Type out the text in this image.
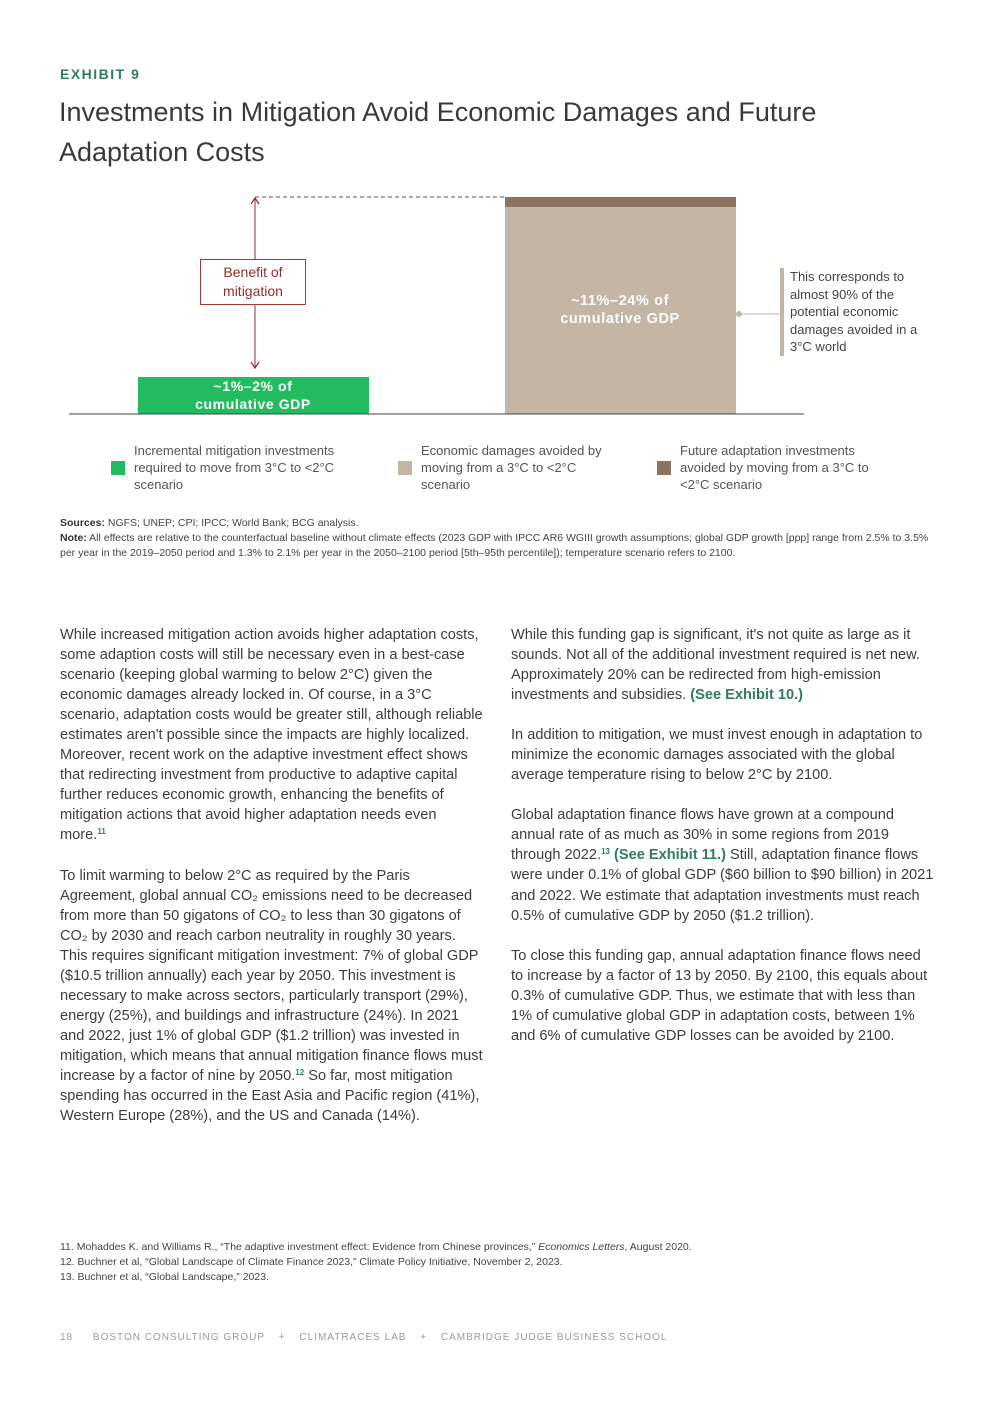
EXHIBIT 9
Investments in Mitigation Avoid Economic Damages and Future Adaptation Costs
~1%–2% of cumulative GDP
~11%–24% of cumulative GDP
Benefit of mitigation
This corresponds to almost 90% of the potential economic damages avoided in a 3°C world
Incremental mitigation investments required to move from 3°C to <2°C scenario
Economic damages avoided by moving from a 3°C to <2°C scenario
Future adaptation investments avoided by moving from a 3°C to <2°C scenario
Sources: NGFS; UNEP; CPI; IPCC; World Bank; BCG analysis.
Note: All effects are relative to the counterfactual baseline without climate effects (2023 GDP with IPCC AR6 WGIII growth assumptions; global GDP growth [ppp] range from 2.5% to 3.5% per year in the 2019–2050 period and 1.3% to 2.1% per year in the 2050–2100 period [5th–95th percentile]); temperature scenario refers to 2100.

While increased mitigation action avoids higher adaptation costs, some adaption costs will still be necessary even in a best-case scenario (keeping global warming to below 2°C) given the economic damages already locked in. Of course, in a 3°C scenario, adaptation costs would be greater still, although reliable estimates aren't possible since the impacts are highly localized. Moreover, recent work on the adaptive investment effect shows that redirecting investment from productive to adaptive capital further reduces economic growth, enhancing the benefits of mitigation actions that avoid higher adaptation needs even more.$^{11}$

To limit warming to below 2°C as required by the Paris Agreement, global annual CO₂ emissions need to be decreased from more than 50 gigatons of CO₂ to less than 30 gigatons of CO₂ by 2030 and reach carbon neutrality in roughly 30 years. This requires significant mitigation investment: 7% of global GDP ($10.5 trillion annually) each year by 2050. This investment is necessary to make across sectors, particularly transport (29%), energy (25%), and buildings and infrastructure (24%). In 2021 and 2022, just 1% of global GDP ($1.2 trillion) was invested in mitigation, which means that annual mitigation finance flows must increase by a factor of nine by 2050.12 So far, most mitigation spending has occurred in the East Asia and Pacific region (41%), Western Europe (28%), and the US and Canada (14%).

While this funding gap is significant, it's not quite as large as it sounds. Not all of the additional investment required is net new. Approximately 20% can be redirected from high-emission investments and subsidies. (See Exhibit 10.)

In addition to mitigation, we must invest enough in adaptation to minimize the economic damages associated with the global average temperature rising to below 2°C by 2100.

Global adaptation finance flows have grown at a compound annual rate of as much as 30% in some regions from 2019 through 2022.13 (See Exhibit 11.) Still, adaptation finance flows were under 0.1% of global GDP ($60 billion to $90 billion) in 2021 and 2022. We estimate that adaptation investments must reach 0.5% of cumulative GDP by 2050 ($1.2 trillion).

To close this funding gap, annual adaptation finance flows need to increase by a factor of 13 by 2050. By 2100, this equals about 0.3% of cumulative GDP. Thus, we estimate that with less than 1% of cumulative global GDP in adaptation costs, between 1% and 6% of cumulative GDP losses can be avoided by 2100.

11. Mohaddes K. and Williams R., “The adaptive investment effect: Evidence from Chinese provinces,” Economics Letters, August 2020.
12. Buchner et al, “Global Landscape of Climate Finance 2023,” Climate Policy Initiative, November 2, 2023.
13. Buchner et al, “Global Landscape,” 2023.
18 BOSTON CONSULTING GROUP + CLIMATRACES LAB + CAMBRIDGE JUDGE BUSINESS SCHOOL
